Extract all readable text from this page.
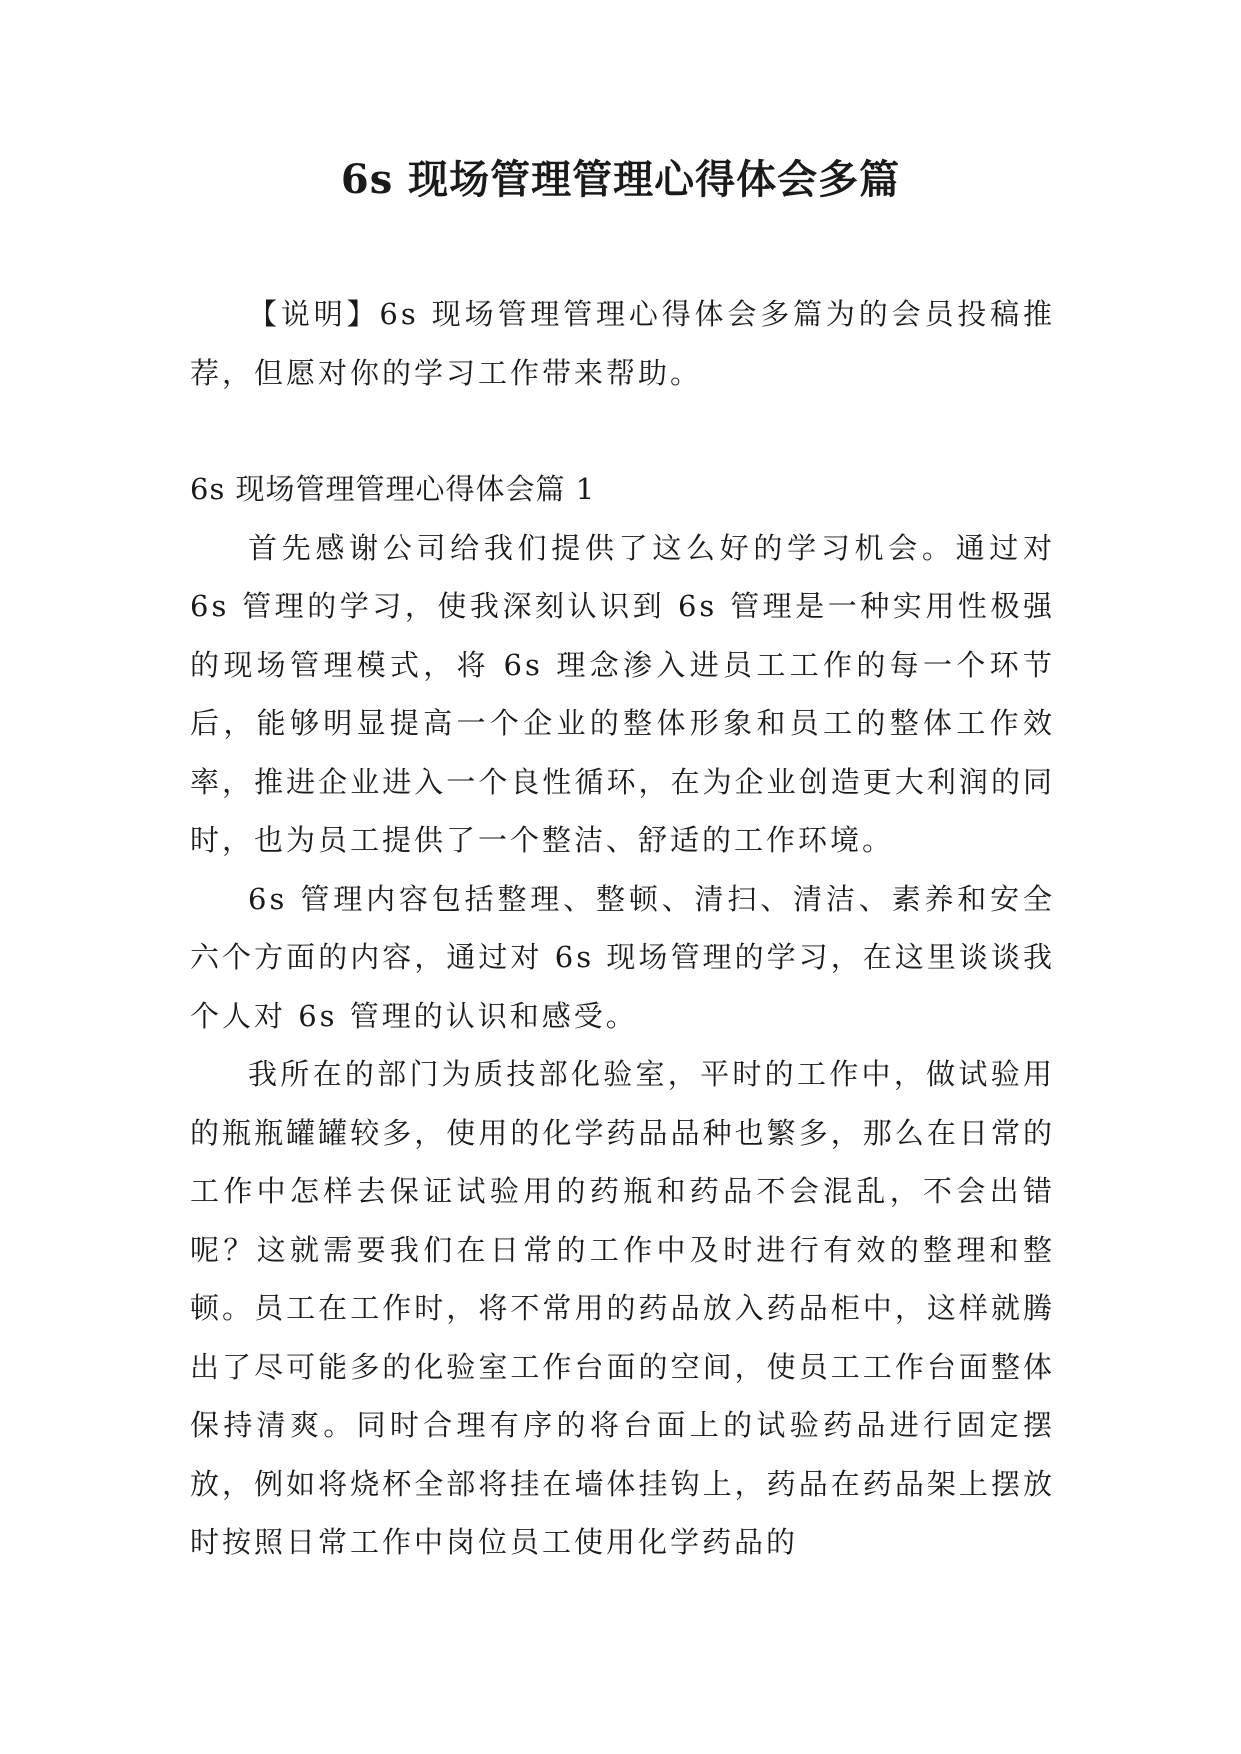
6s 现场管理管理心得体会多篇

【说明】6s 现场管理管理心得体会多篇为的会员投稿推荐，但愿对你的学习工作带来帮助。

6s 现场管理管理心得体会篇 1

首先感谢公司给我们提供了这么好的学习机会。通过对 6s 管理的学习，使我深刻认识到 6s 管理是一种实用性极强的现场管理模式，将 6s 理念渗入进员工工作的每一个环节后，能够明显提高一个企业的整体形象和员工的整体工作效率，推进企业进入一个良性循环，在为企业创造更大利润的同时，也为员工提供了一个整洁、舒适的工作环境。

6s 管理内容包括整理、整顿、清扫、清洁、素养和安全六个方面的内容，通过对 6s 现场管理的学习，在这里谈谈我个人对 6s 管理的认识和感受。

我所在的部门为质技部化验室，平时的工作中，做试验用的瓶瓶罐罐较多，使用的化学药品品种也繁多，那么在日常的工作中怎样去保证试验用的药瓶和药品不会混乱，不会出错呢？这就需要我们在日常的工作中及时进行有效的整理和整顿。员工在工作时，将不常用的药品放入药品柜中，这样就腾出了尽可能多的化验室工作台面的空间，使员工工作台面整体保持清爽。同时合理有序的将台面上的试验药品进行固定摆放，例如将烧杯全部将挂在墙体挂钩上，药品在药品架上摆放时按照日常工作中岗位员工使用化学药品的
